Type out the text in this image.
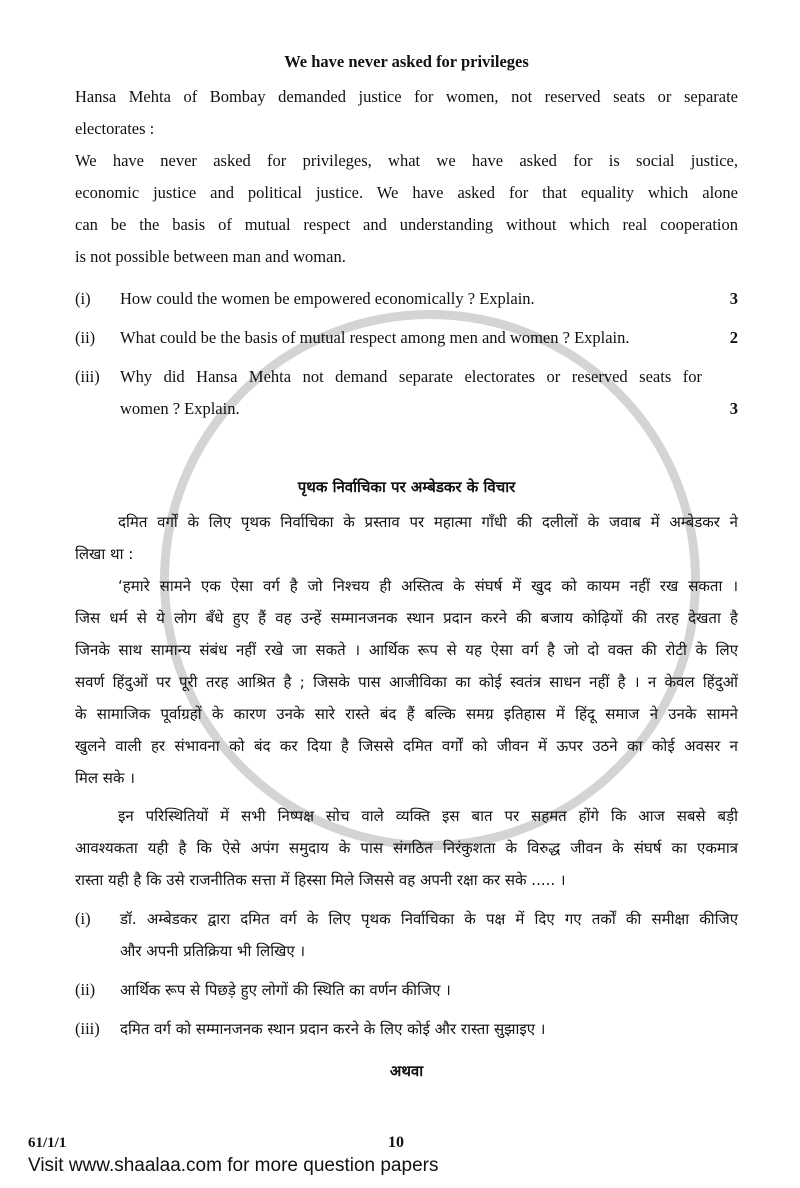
We have never asked for privileges
Hansa Mehta of Bombay demanded justice for women, not reserved seats or separate
electorates :
We have never asked for privileges, what we have asked for is social justice,
economic justice and political justice. We have asked for that equality which alone
can be the basis of mutual respect and understanding without which real cooperation
is not possible between man and woman.
(i)	How could the women be empowered economically ? Explain.	3
(ii)	What could be the basis of mutual respect among men and women ? Explain.	2
(iii)	Why did Hansa Mehta not demand separate electorates or reserved seats for
women ? Explain.	3
पृथक निर्वाचिका पर अम्बेडकर के विचार
दमित वर्गों के लिए पृथक निर्वाचिका के प्रस्ताव पर महात्मा गाँधी की दलीलों के जवाब में अम्बेडकर ने
लिखा था :
‘हमारे सामने एक ऐसा वर्ग है जो निश्चय ही अस्तित्व के संघर्ष में खुद को कायम नहीं रख सकता ।
जिस धर्म से ये लोग बँधे हुए हैं वह उन्हें सम्मानजनक स्थान प्रदान करने की बजाय कोढ़ियों की तरह देखता है
जिनके साथ सामान्य संबंध नहीं रखे जा सकते । आर्थिक रूप से यह ऐसा वर्ग है जो दो वक्त की रोटी के लिए
सवर्ण हिंदुओं पर पूरी तरह आश्रित है ; जिसके पास आजीविका का कोई स्वतंत्र साधन नहीं है । न केवल हिंदुओं
के सामाजिक पूर्वाग्रहों के कारण उनके सारे रास्ते बंद हैं बल्कि समग्र इतिहास में हिंदू समाज ने उनके सामने
खुलने वाली हर संभावना को बंद कर दिया है जिससे दमित वर्गों को जीवन में ऊपर उठने का कोई अवसर न
मिल सके ।
इन परिस्थितियों में सभी निष्पक्ष सोच वाले व्यक्ति इस बात पर सहमत होंगे कि आज सबसे बड़ी
आवश्यकता यही है कि ऐसे अपंग समुदाय के पास संगठित निरंकुशता के विरुद्ध जीवन के संघर्ष का एकमात्र
रास्ता यही है कि उसे राजनीतिक सत्ता में हिस्सा मिले जिससे वह अपनी रक्षा कर सके ..... ।
(i)	डॉ. अम्बेडकर द्वारा दमित वर्ग के लिए पृथक निर्वाचिका के पक्ष में दिए गए तर्कों की समीक्षा कीजिए
और अपनी प्रतिक्रिया भी लिखिए ।
(ii)	आर्थिक रूप से पिछड़े हुए लोगों की स्थिति का वर्णन कीजिए ।
(iii)	दमित वर्ग को सम्मानजनक स्थान प्रदान करने के लिए कोई और रास्ता सुझाइए ।
अथवा
61/1/1	10
Visit www.shaalaa.com for more question papers
